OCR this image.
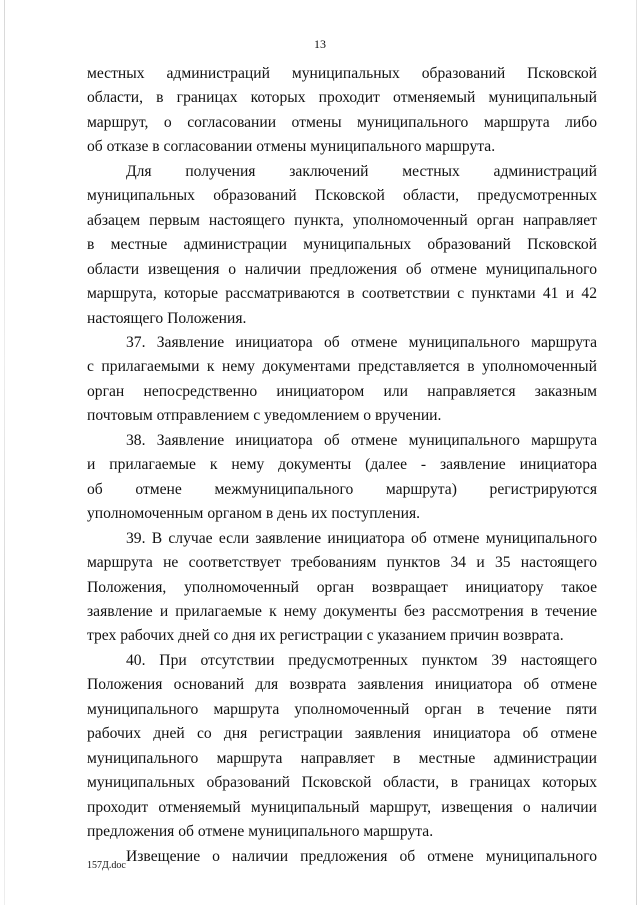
13

местных администраций муниципальных образований Псковской

области, в границах которых проходит отменяемый муниципальный

маршрут, о согласовании отмены муниципального маршрута либо

об отказе в согласовании отмены муниципального маршрута.

Для получения заключений местных администраций

муниципальных образований Псковской области, предусмотренных

абзацем первым настоящего пункта, уполномоченный орган направляет

в местные администрации муниципальных образований Псковской

области извещения о наличии предложения об отмене муниципального

маршрута, которые рассматриваются в соответствии с пунктами 41 и 42

настоящего Положения.

37. Заявление инициатора об отмене муниципального маршрута

с прилагаемыми к нему документами представляется в уполномоченный

орган непосредственно инициатором или направляется заказным

почтовым отправлением с уведомлением о вручении.

38. Заявление инициатора об отмене муниципального маршрута

и прилагаемые к нему документы (далее - заявление инициатора

об отмене межмуниципального маршрута) регистрируются

уполномоченным органом в день их поступления.

39. В случае если заявление инициатора об отмене муниципального

маршрута не соответствует требованиям пунктов 34 и 35 настоящего

Положения, уполномоченный орган возвращает инициатору такое

заявление и прилагаемые к нему документы без рассмотрения в течение

трех рабочих дней со дня их регистрации с указанием причин возврата.

40. При отсутствии предусмотренных пунктом 39 настоящего

Положения оснований для возврата заявления инициатора об отмене

муниципального маршрута уполномоченный орган в течение пяти

рабочих дней со дня регистрации заявления инициатора об отмене

муниципального маршрута направляет в местные администрации

муниципальных образований Псковской области, в границах которых

проходит отменяемый муниципальный маршрут, извещения о наличии

предложения об отмене муниципального маршрута.

Извещение о наличии предложения об отмене муниципального

157Д.doc
